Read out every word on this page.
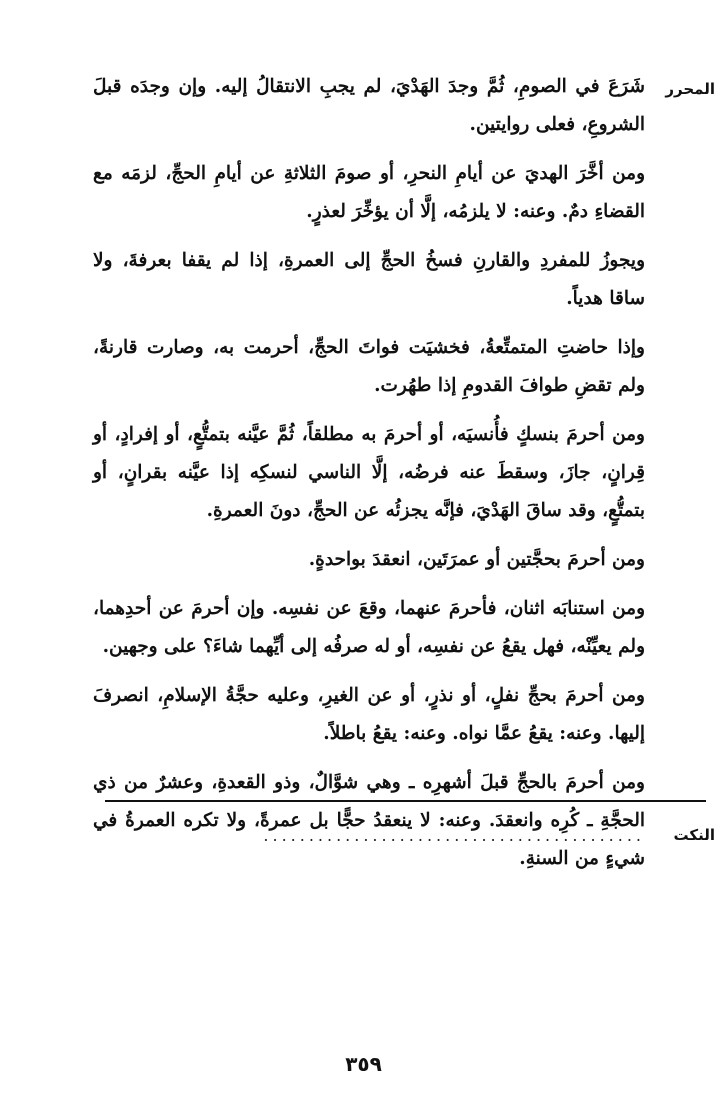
المحرر

شَرَعَ في الصومِ، ثُمَّ وجدَ الهَدْيَ، لم يجبِ الانتقالُ إليه. وإن وجدَه قبلَ الشروعِ، فعلى روايتين.

ومن أخَّرَ الهديَ عن أيامِ النحرِ، أو صومَ الثلاثةِ عن أيامِ الحجِّ، لزمَه مع القضاءِ دمٌ. وعنه: لا يلزمُه، إلَّا أن يؤخِّرَ لعذرٍ.

ويجوزُ للمفردِ والقارنِ فسخُ الحجِّ إلى العمرةِ، إذا لم يقفا بعرفةَ، ولا ساقا هدياً.

وإذا حاضتِ المتمتِّعةُ، فخشيَت فواتَ الحجِّ، أحرمت به، وصارت قارنةً، ولم تقضِ طوافَ القدومِ إذا طهُرت.

ومن أحرمَ بنسكٍ فأُنسيَه، أو أحرمَ به مطلقاً، ثُمَّ عيَّنه بتمتُّعٍ، أو إفرادٍ، أو قِرانٍ، جازَ، وسقطَ عنه فرضُه، إلَّا الناسي لنسكِه إذا عيَّنه بقرانٍ، أو بتمتُّعٍ، وقد ساقَ الهَدْيَ، فإنَّه يجزئُه عن الحجِّ، دونَ العمرةِ.

ومن أحرمَ بحجَّتين أو عمرَتَين، انعقدَ بواحدةٍ.

ومن استنابَه اثنان، فأحرمَ عنهما، وقعَ عن نفسِه. وإن أحرمَ عن أحدِهما، ولم يعيِّنْه، فهل يقعُ عن نفسِه، أو له صرفُه إلى أيِّهما شاءَ؟ على وجهين.

ومن أحرمَ بحجِّ نفلٍ، أو نذرٍ، أو عن الغيرِ، وعليه حجَّةُ الإسلامِ، انصرفَ إليها. وعنه: يقعُ عمَّا نواه. وعنه: يقعُ باطلاً.

ومن أحرمَ بالحجِّ قبلَ أشهرِه ـ وهي شوَّالٌ، وذو القعدةِ، وعشرٌ من ذي الحجَّةِ ـ كُرِه وانعقدَ. وعنه: لا ينعقدُ حجًّا بل عمرةً، ولا تكره العمرةُ في شيءٍ من السنةِ.

النكت
..........................................
٣٥٩
